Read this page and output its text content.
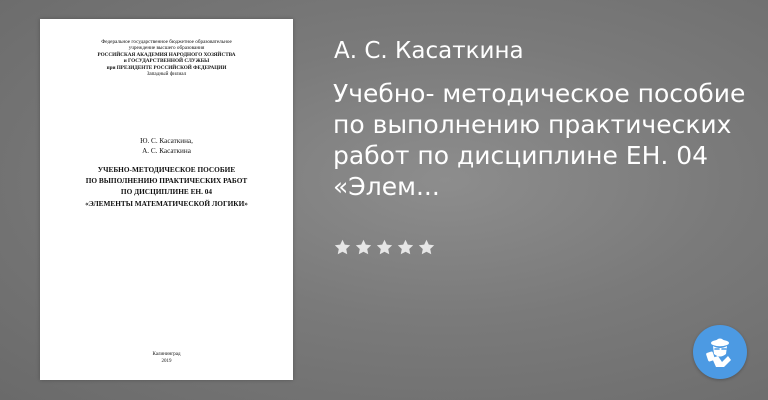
Федеральное государственное бюджетное образовательное
учреждение высшего образования
РОССИЙСКАЯ АКАДЕМИЯ НАРОДНОГО ХОЗЯЙСТВА
и ГОСУДАРСТВЕННОЙ СЛУЖБЫ
при ПРЕЗИДЕНТЕ РОССИЙСКОЙ ФЕДЕРАЦИИ
Западный филиал
Ю. С. Касаткина,
А. С. Касаткина
УЧЕБНО-МЕТОДИЧЕСКОЕ ПОСОБИЕ
ПО ВЫПОЛНЕНИЮ ПРАКТИЧЕСКИХ РАБОТ
ПО ДИСЦИПЛИНЕ ЕН. 04
«ЭЛЕМЕНТЫ МАТЕМАТИЧЕСКОЙ ЛОГИКИ»
Калининград
2019
А. С. Касаткина
Учебно- методическое пособие по выполнению практических работ по дисциплине ЕН. 04 «Элем...
